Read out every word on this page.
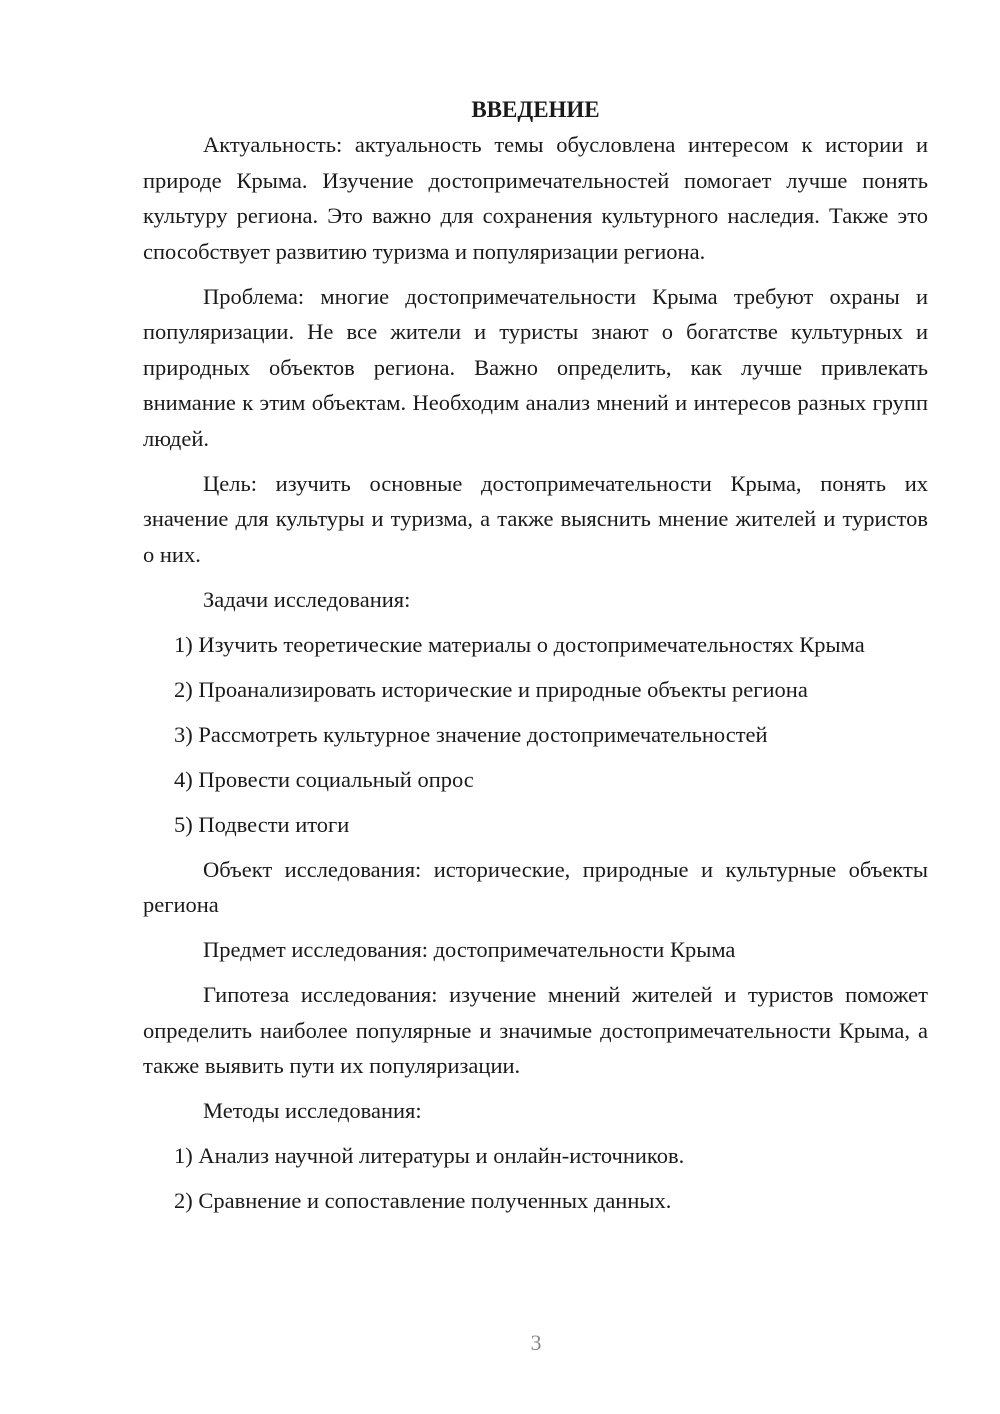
ВВЕДЕНИЕ

Актуальность: актуальность темы обусловлена интересом к истории и природе Крыма. Изучение достопримечательностей помогает лучше понять культуру региона. Это важно для сохранения культурного наследия. Также это способствует развитию туризма и популяризации региона.

Проблема: многие достопримечательности Крыма требуют охраны и популяризации. Не все жители и туристы знают о богатстве культурных и природных объектов региона. Важно определить, как лучше привлекать внимание к этим объектам. Необходим анализ мнений и интересов разных групп людей.

Цель: изучить основные достопримечательности Крыма, понять их значение для культуры и туризма, а также выяснить мнение жителей и туристов о них.

Задачи исследования:

1) Изучить теоретические материалы о достопримечательностях Крыма

2) Проанализировать исторические и природные объекты региона

3) Рассмотреть культурное значение достопримечательностей

4) Провести социальный опрос

5) Подвести итоги

Объект исследования: исторические, природные и культурные объекты региона

Предмет исследования: достопримечательности Крыма

Гипотеза исследования: изучение мнений жителей и туристов поможет определить наиболее популярные и значимые достопримечательности Крыма, а также выявить пути их популяризации.

Методы исследования:

1) Анализ научной литературы и онлайн-источников.

2) Сравнение и сопоставление полученных данных.

3
